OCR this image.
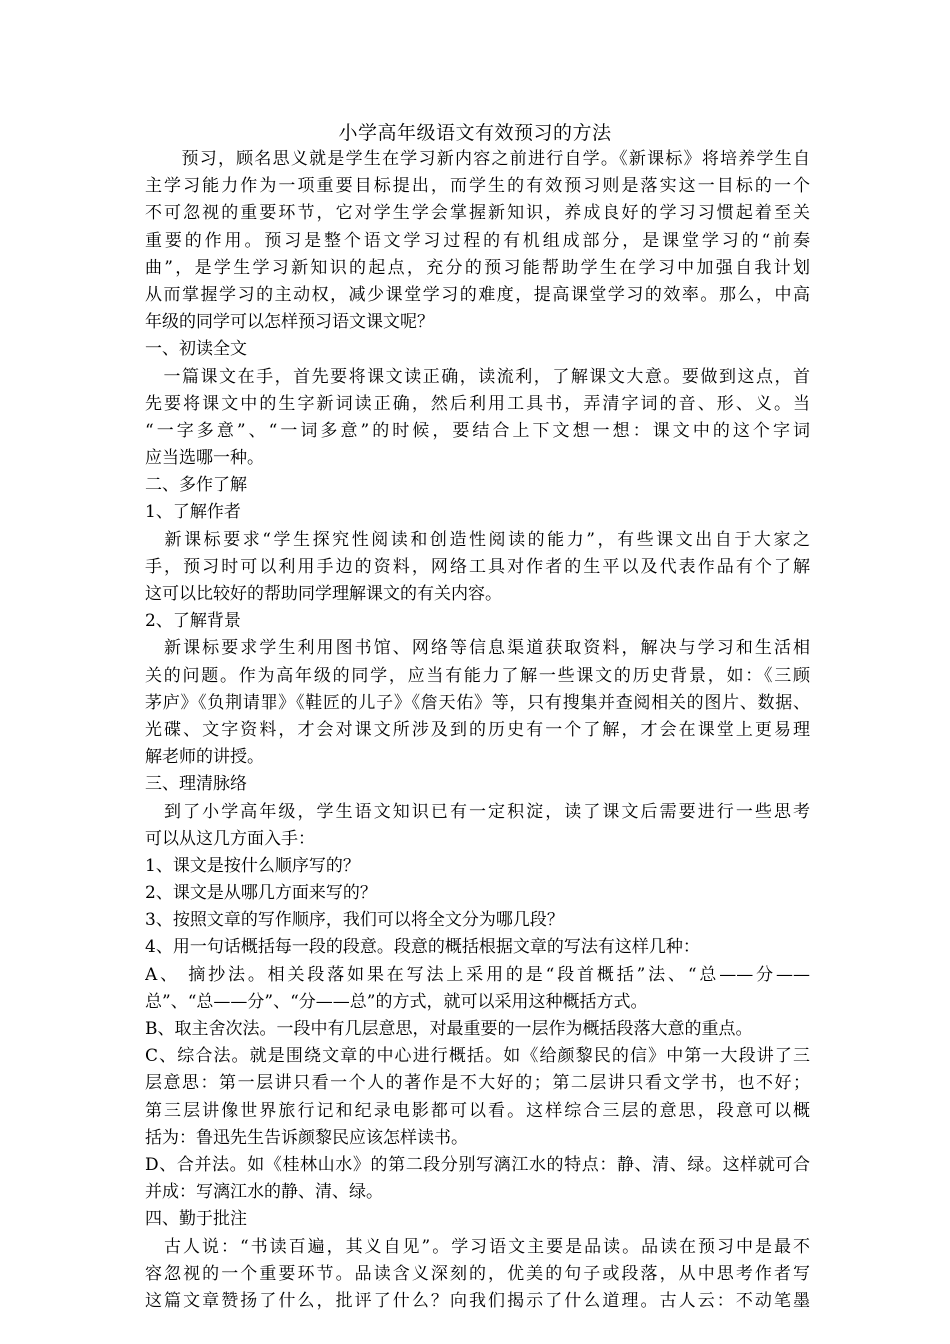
小学高年级语文有效预习的方法
　　预习，顾名思义就是学生在学习新内容之前进行自学。《新课标》将培养学生自
主学习能力作为一项重要目标提出，而学生的有效预习则是落实这一目标的一个
不可忽视的重要环节，它对学生学会掌握新知识，养成良好的学习习惯起着至关
重要的作用。预习是整个语文学习过程的有机组成部分，是课堂学习的“前奏
曲”，是学生学习新知识的起点，充分的预习能帮助学生在学习中加强自我计划
从而掌握学习的主动权，减少课堂学习的难度，提高课堂学习的效率。那么，中高
年级的同学可以怎样预习语文课文呢？
一、初读全文
　一篇课文在手，首先要将课文读正确，读流利，了解课文大意。要做到这点，首
先要将课文中的生字新词读正确，然后利用工具书，弄清字词的音、形、义。当
“一字多意”、“一词多意”的时候，要结合上下文想一想：课文中的这个字词
应当选哪一种。
二、多作了解
1、了解作者
　新课标要求“学生探究性阅读和创造性阅读的能力”，有些课文出自于大家之
手，预习时可以利用手边的资料，网络工具对作者的生平以及代表作品有个了解
这可以比较好的帮助同学理解课文的有关内容。
2、了解背景
　新课标要求学生利用图书馆、网络等信息渠道获取资料，解决与学习和生活相
关的问题。作为高年级的同学，应当有能力了解一些课文的历史背景，如：《三顾
茅庐》《负荆请罪》《鞋匠的儿子》《詹天佑》等，只有搜集并查阅相关的图片、数据、
光碟、文字资料，才会对课文所涉及到的历史有一个了解，才会在课堂上更易理
解老师的讲授。
三、理清脉络
　到了小学高年级，学生语文知识已有一定积淀，读了课文后需要进行一些思考
可以从这几方面入手：
1、课文是按什么顺序写的？
2、课文是从哪几方面来写的？
3、按照文章的写作顺序，我们可以将全文分为哪几段？
4、用一句话概括每一段的段意。段意的概括根据文章的写法有这样几种：
A、 摘抄法。相关段落如果在写法上采用的是“段首概括”法、“总——分——
总”、“总——分”、“分——总”的方式，就可以采用这种概括方式。
B、取主舍次法。一段中有几层意思，对最重要的一层作为概括段落大意的重点。
C、综合法。就是围绕文章的中心进行概括。如《给颜黎民的信》中第一大段讲了三
层意思：第一层讲只看一个人的著作是不大好的；第二层讲只看文学书，也不好；
第三层讲像世界旅行记和纪录电影都可以看。这样综合三层的意思，段意可以概
括为：鲁迅先生告诉颜黎民应该怎样读书。
D、合并法。如《桂林山水》的第二段分别写漓江水的特点：静、清、绿。这样就可合
并成：写漓江水的静、清、绿。
四、勤于批注
　古人说：“书读百遍，其义自见”。学习语文主要是品读。品读在预习中是最不
容忽视的一个重要环节。品读含义深刻的，优美的句子或段落，从中思考作者写
这篇文章赞扬了什么，批评了什么？向我们揭示了什么道理。古人云：不动笔墨
